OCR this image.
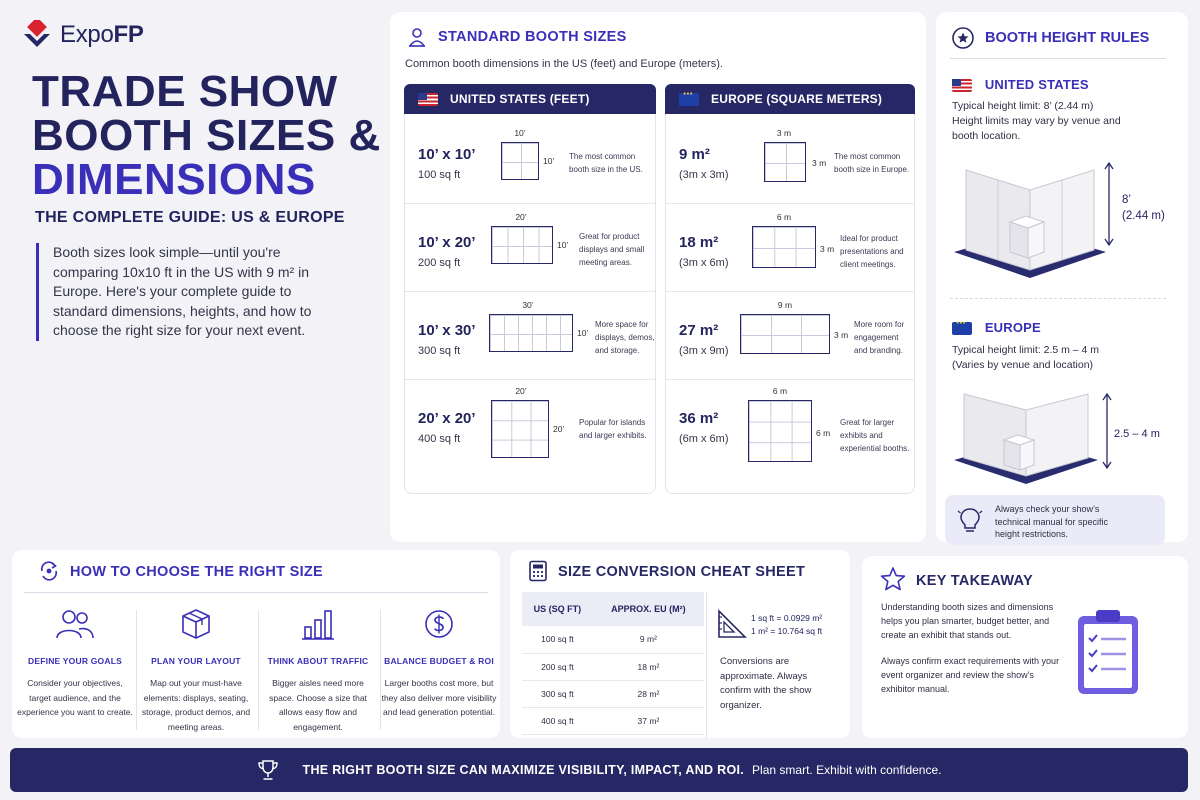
ExpoFP
TRADE SHOW
BOOTH SIZES &
DIMENSIONS
THE COMPLETE GUIDE: US & EUROPE

Booth sizes look simple—until you're comparing 10x10 ft in the US with 9 m² in Europe. Here's your complete guide to standard dimensions, heights, and how to choose the right size for your next event.

STANDARD BOOTH SIZES
Common booth dimensions in the US (feet) and Europe (meters).
UNITED STATES (FEET)
10’ x 10’
100 sq ft
10’
10’ The most common booth size in the US.
10’ x 20’
200 sq ft
20’
10’
Great for product displays and small meeting areas.
10’ x 30’
300 sq ft
30’
10’
More space for displays, demos, and storage.
20’ x 20’
400 sq ft
20’
20’
Popular for islands and larger exhibits.
⋯
EUROPE (SQUARE METERS)
9 m²
(3m x 3m)
3 m
3 m
The most common booth size in Europe.
18 m²
(3m x 6m)
6 m
3 m
Ideal for product presentations and client meetings.
27 m²
(3m x 9m)
9 m
3 m
More room for engagement and branding.
36 m²
(6m x 6m)
6 m
6 m
Great for larger exhibits and experiential booths.
BOOTH HEIGHT RULES
UNITED STATES
Typical height limit: 8’ (2.44 m)
Height limits may vary by venue and booth location.
8’
(2.44 m)
⋯ EUROPE
Typical height limit: 2.5 m – 4 m
(Varies by venue and location)
2.5 – 4 m
Always check your show’s technical manual for specific height restrictions.
HOW TO CHOOSE THE RIGHT SIZE
DEFINE YOUR GOALS
Consider your objectives, target audience, and the experience you want to create.
PLAN YOUR LAYOUT
Map out your must-have elements: displays, seating, storage, product demos, and meeting areas.
THINK ABOUT TRAFFIC
Bigger aisles need more space. Choose a size that allows easy flow and engagement.
BALANCE BUDGET & ROI
Larger booths cost more, but they also deliver more visibility and lead generation potential.
SIZE CONVERSION CHEAT SHEET
1 sq ft = 0.0929 m²
1 m² = 10.764 sq ft
Conversions are approximate. Always confirm with the show organizer.
US (SQ FT)	APPROX. EU (M²)
100 sq ft	9 m²
200 sq ft	18 m²
300 sq ft	28 m²
400 sq ft	37 m²
KEY TAKEAWAY
Understanding booth sizes and dimensions helps you plan smarter, budget better, and create an exhibit that stands out.
Always confirm exact requirements with your event organizer and review the show’s exhibitor manual.
THE RIGHT BOOTH SIZE CAN MAXIMIZE VISIBILITY, IMPACT, AND ROI. Plan smart. Exhibit with confidence.
